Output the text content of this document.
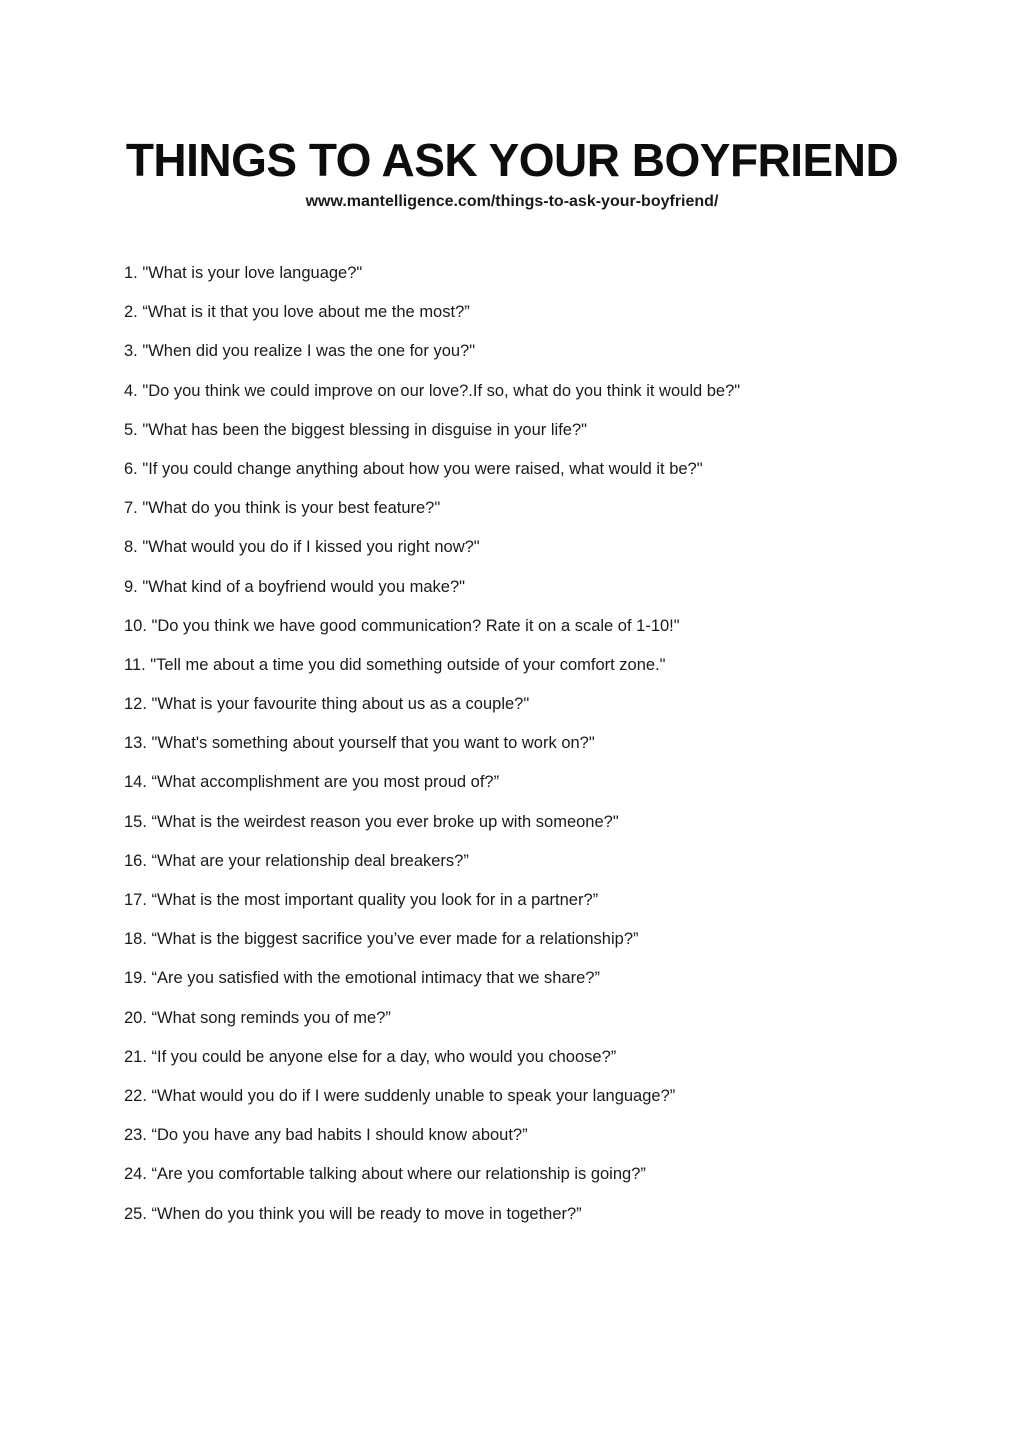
THINGS TO ASK YOUR BOYFRIEND

www.mantelligence.com/things-to-ask-your-boyfriend/

1. "What is your love language?"
2. “What is it that you love about me the most?”
3. "When did you realize I was the one for you?"
4. "Do you think we could improve on our love?.If so, what do you think it would be?"
5. "What has been the biggest blessing in disguise in your life?"
6. "If you could change anything about how you were raised, what would it be?"
7. "What do you think is your best feature?"
8. "What would you do if I kissed you right now?"
9. "What kind of a boyfriend would you make?"
10. "Do you think we have good communication? Rate it on a scale of 1-10!"
11. "Tell me about a time you did something outside of your comfort zone."
12. "What is your favourite thing about us as a couple?"
13. "What's something about yourself that you want to work on?"
14. “What accomplishment are you most proud of?”
15. “What is the weirdest reason you ever broke up with someone?"
16. “What are your relationship deal breakers?”
17. “What is the most important quality you look for in a partner?”
18. “What is the biggest sacrifice you’ve ever made for a relationship?”
19. “Are you satisfied with the emotional intimacy that we share?”
20. “What song reminds you of me?”
21. “If you could be anyone else for a day, who would you choose?”
22. “What would you do if I were suddenly unable to speak your language?”
23. “Do you have any bad habits I should know about?”
24. “Are you comfortable talking about where our relationship is going?”
25. “When do you think you will be ready to move in together?”
